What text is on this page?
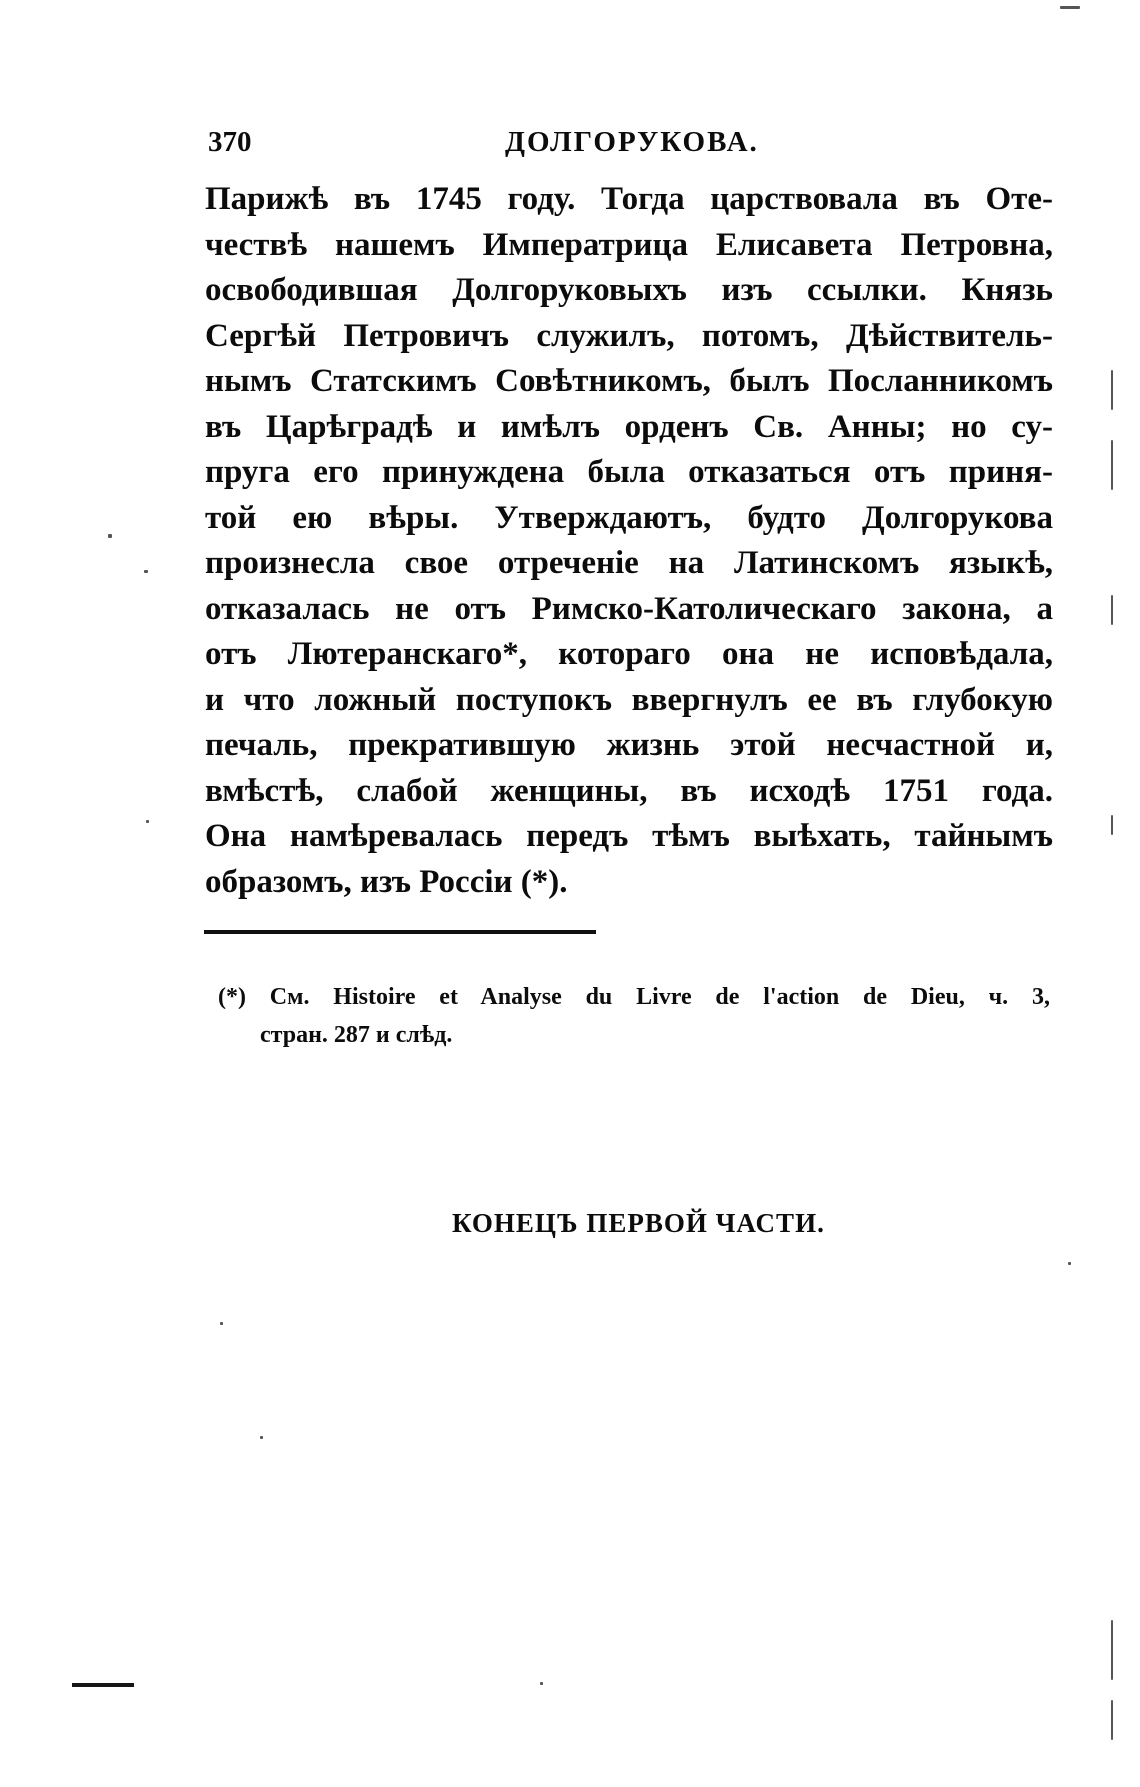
370	ДОЛГОРУКОВА.
Парижѣ въ 1745 году. Тогда царствовала въ Оте-
чествѣ нашемъ Императрица Елисавета Петровна,
освободившая Долгоруковыхъ изъ ссылки. Князь
Сергѣй Петровичъ служилъ, потомъ, Дѣйствитель-
нымъ Статскимъ Совѣтникомъ, былъ Посланникомъ
въ Царѣградѣ и имѣлъ орденъ Св. Анны; но су-
пруга его принуждена была отказаться отъ приня-
той ею вѣры. Утверждаютъ, будто Долгорукова
произнесла свое отреченіе на Латинскомъ языкѣ,
отказалась не отъ Римско-Католическаго закона, а
отъ Лютеранскаго*, котораго она не исповѣдала,
и что ложный поступокъ ввергнулъ ее въ глубокую
печаль, прекратившую жизнь этой несчастной и,
вмѣстѣ, слабой женщины, въ исходѣ 1751 года.
Она намѣревалась передъ тѣмъ выѣхать, тайнымъ
образомъ, изъ Россіи (*).
(*) См. Histoire et Analyse du Livre de l'action de Dieu, ч. 3,
стран. 287 и слѣд.
КОНЕЦЪ ПЕРВОЙ ЧАСТИ.
